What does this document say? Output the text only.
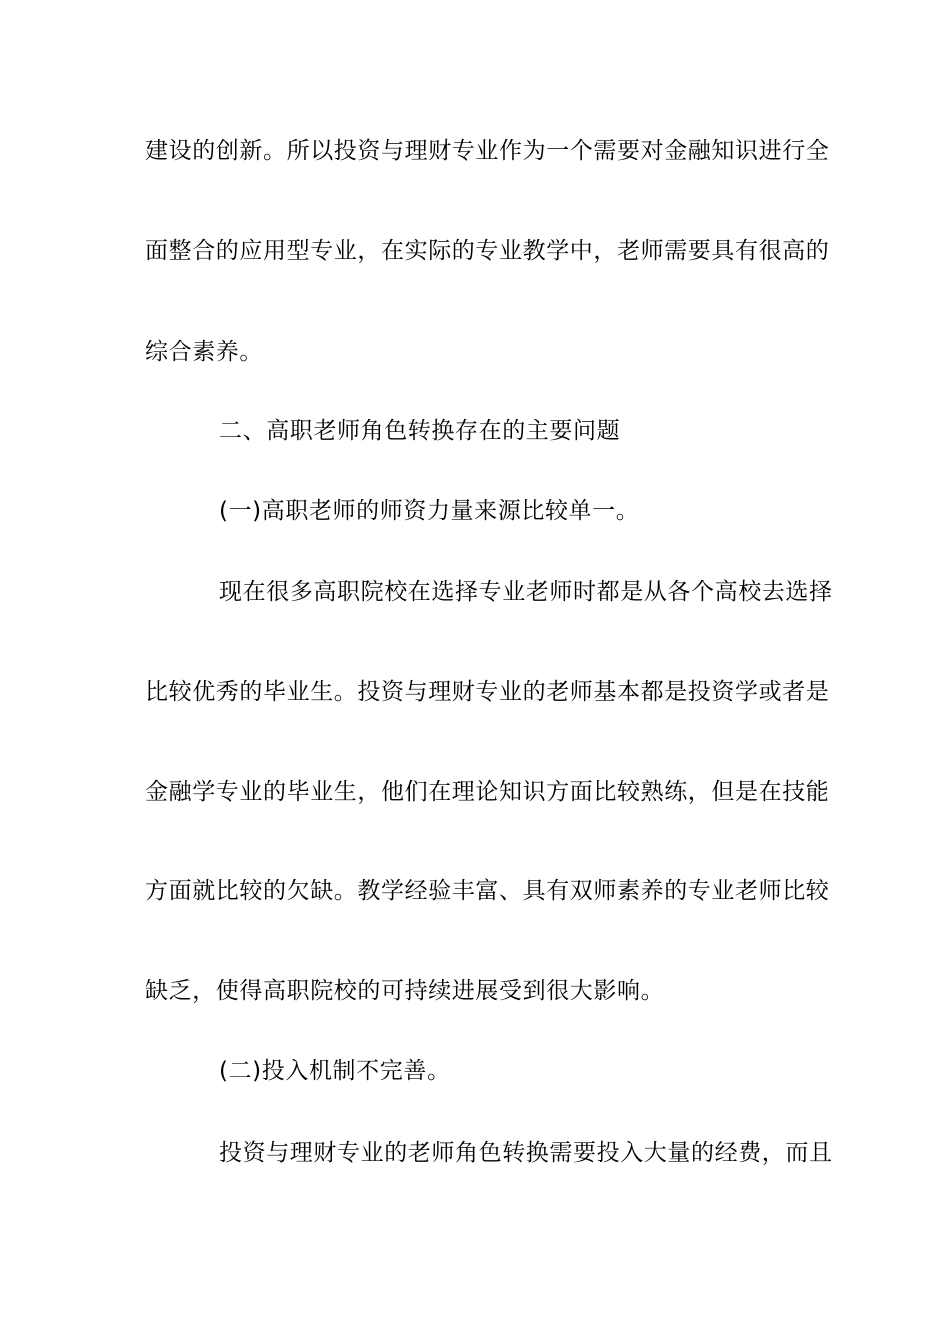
建设的创新。所以投资与理财专业作为一个需要对金融知识进行全
面整合的应用型专业，在实际的专业教学中，老师需要具有很高的
综合素养。
二、高职老师角色转换存在的主要问题
(一)高职老师的师资力量来源比较单一。
现在很多高职院校在选择专业老师时都是从各个高校去选择
比较优秀的毕业生。投资与理财专业的老师基本都是投资学或者是
金融学专业的毕业生，他们在理论知识方面比较熟练，但是在技能
方面就比较的欠缺。教学经验丰富、具有双师素养的专业老师比较
缺乏，使得高职院校的可持续进展受到很大影响。
(二)投入机制不完善。
投资与理财专业的老师角色转换需要投入大量的经费，而且
